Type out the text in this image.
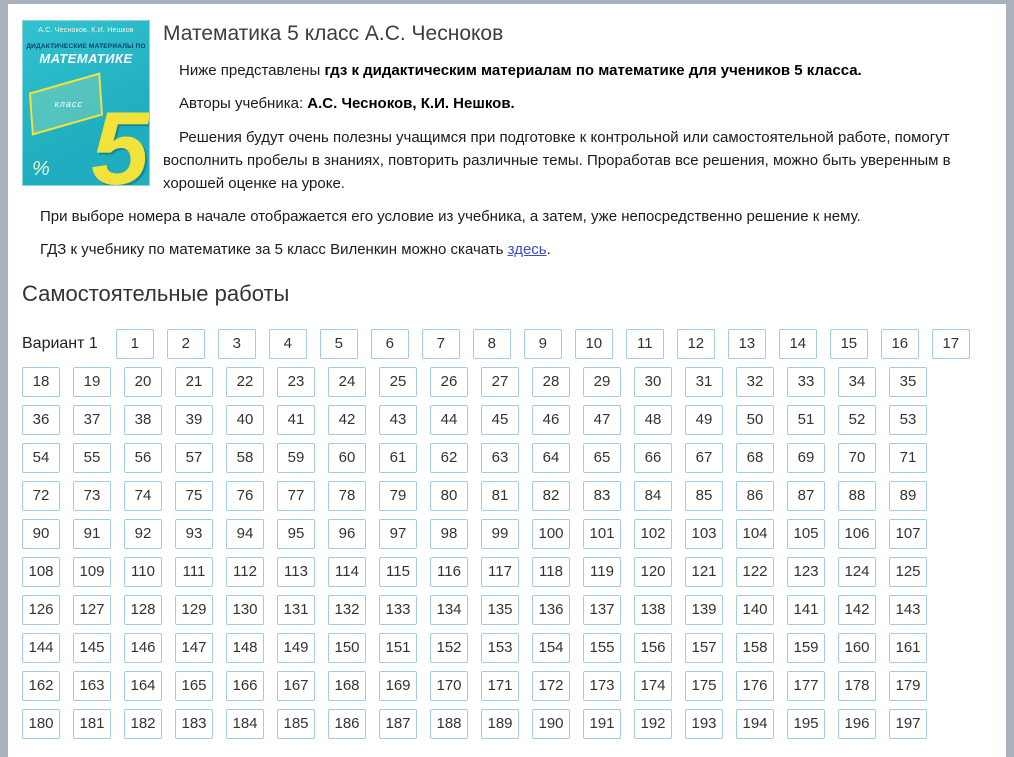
А.С. Чесноков, К.И. Нешков
ДИДАКТИЧЕСКИЕ МАТЕРИАЛЫ ПО
МАТЕМАТИКЕ
класс 5
%
Математика 5 класс А.С. Чесноков

Ниже представлены гдз к дидактическим материалам по математике для учеников 5 класса.

Авторы учебника: А.С. Чесноков, К.И. Нешков.

Решения будут очень полезны учащимся при подготовке к контрольной или самостоятельной работе, помогут восполнить пробелы в знаниях, повторить различные темы. Проработав все решения, можно быть уверенным в хорошей оценке на уроке.

При выборе номера в начале отображается его условие из учебника, а затем, уже непосредственно решение к нему.

ГДЗ к учебнику по математике за 5 класс Виленкин можно скачать здесь.

Самостоятельные работы
Вариант 1	1	2	3	4	5	6	7	8	9	10	11	12	13	14	15	16	17
18	19	20	21	22	23	24	25	26	27	28	29	30	31	32	33	34	35
36	37	38	39	40	41	42	43	44	45	46	47	48	49	50	51	52	53
54	55	56	57	58	59	60	61	62	63	64	65	66	67	68	69	70	71
72	73	74	75	76	77	78	79	80	81	82	83	84	85	86	87	88	89
90	91	92	93	94	95	96	97	98	99	100	101	102	103	104	105	106	107
108	109	110	111	112	113	114	115	116	117	118	119	120	121	122	123	124	125
126	127	128	129	130	131	132	133	134	135	136	137	138	139	140	141	142	143
144	145	146	147	148	149	150	151	152	153	154	155	156	157	158	159	160	161
162	163	164	165	166	167	168	169	170	171	172	173	174	175	176	177	178	179
180	181	182	183	184	185	186	187	188	189	190	191	192	193	194	195	196	197
